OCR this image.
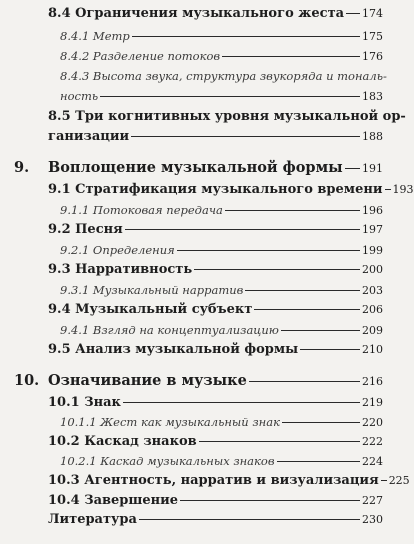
8.4 Ограничения музыкального жеста 174
8.4.1 Метр	175
8.4.2 Разделение потоков	176
8.4.3 Высота звука, структура звукоряда и тональ-
ность	183
8.5 Три когнитивных уровня музыкальной ор-
ганизации	188
9.	Воплощение музыкальной формы 191
9.1 Стратификация музыкального времени 193
9.1.1 Потоковая передача	196
9.2 Песня	197
9.2.1 Определения	199
9.3 Нарративность	200
9.3.1 Музыкальный нарратив	203
9.4 Музыкальный субъект	206
9.4.1 Взгляд на концептуализацию	209
9.5 Анализ музыкальной формы	210
10. Означивание в музыке	216
10.1 Знак	219
10.1.1 Жест как музыкальный знак	220
10.2 Каскад знаков	222
10.2.1 Каскад музыкальных знаков	224
10.3 Агентность, нарратив и визуализация 225
10.4 Завершение	227
Литература	230
